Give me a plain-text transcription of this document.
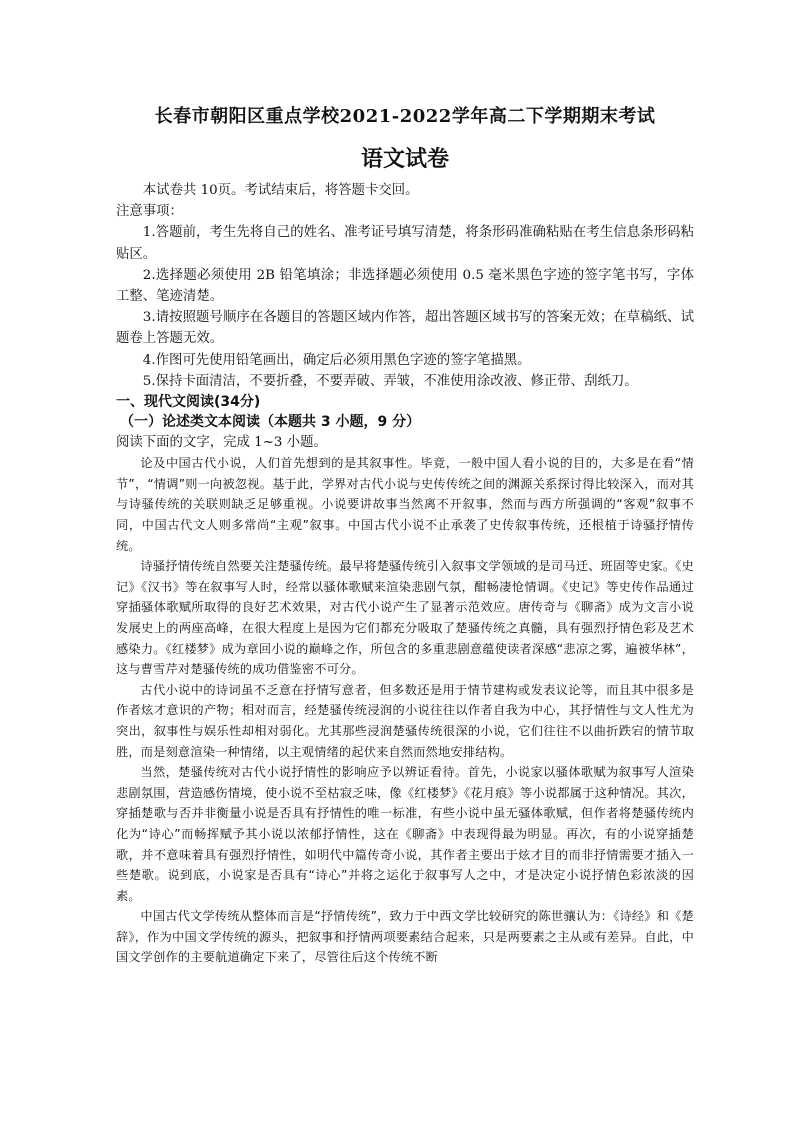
长春市朝阳区重点学校2021-2022学年高二下学期期末考试
语文试卷

本试卷共 10页。考试结束后，将答题卡交回。

注意事项：

1.答题前，考生先将自己的姓名、准考证号填写清楚，将条形码准确粘贴在考生信息条形码粘贴区。

2.选择题必须使用 2B 铅笔填涂；非选择题必须使用 0.5 毫米黑色字迹的签字笔书写，字体工整、笔迹清楚。

3.请按照题号顺序在各题目的答题区域内作答，超出答题区域书写的答案无效；在草稿纸、试题卷上答题无效。

4.作图可先使用铅笔画出，确定后必须用黑色字迹的签字笔描黑。

5.保持卡面清洁，不要折叠，不要弄破、弄皱，不准使用涂改液、修正带、刮纸刀。

一、现代文阅读(34分)

（一）论述类文本阅读（本题共 3 小题，9 分）

阅读下面的文字，完成 1~3 小题。

论及中国古代小说，人们首先想到的是其叙事性。毕竟，一般中国人看小说的目的，大多是在看“情节”，“情调”则一向被忽视。基于此，学界对古代小说与史传传统之间的渊源关系探讨得比较深入，而对其与诗骚传统的关联则缺乏足够重视。小说要讲故事当然离不开叙事，然而与西方所强调的“客观”叙事不同，中国古代文人则多常尚“主观”叙事。中国古代小说不止承袭了史传叙事传统，还根植于诗骚抒情传统。

诗骚抒情传统自然要关注楚骚传统。最早将楚骚传统引入叙事文学领域的是司马迁、班固等史家。《史记》《汉书》等在叙事写人时，经常以骚体歌赋来渲染悲剧气氛，酣畅凄怆情调。《史记》等史传作品通过穿插骚体歌赋所取得的良好艺术效果，对古代小说产生了显著示范效应。唐传奇与《聊斋》成为文言小说发展史上的两座高峰，在很大程度上是因为它们都充分吸取了楚骚传统之真髓，具有强烈抒情色彩及艺术感染力。《红楼梦》成为章回小说的巅峰之作，所包含的多重悲剧意蕴使读者深感“悲凉之雾，遍被华林”，这与曹雪芹对楚骚传统的成功借鉴密不可分。

古代小说中的诗词虽不乏意在抒情写意者，但多数还是用于情节建构或发表议论等，而且其中很多是作者炫才意识的产物；相对而言，经楚骚传统浸润的小说往往以作者自我为中心，其抒情性与文人性尤为突出，叙事性与娱乐性却相对弱化。尤其那些浸润楚骚传统很深的小说，它们往往不以曲折跌宕的情节取胜，而是刻意渲染一种情绪，以主观情绪的起伏来自然而然地安排结构。

当然，楚骚传统对古代小说抒情性的影响应予以辨证看待。首先，小说家以骚体歌赋为叙事写人渲染悲剧氛围，营造感伤情境，使小说不至枯寂乏味，像《红楼梦》《花月痕》等小说都属于这种情况。其次，穿插楚歌与否并非衡量小说是否具有抒情性的唯一标准，有些小说中虽无骚体歌赋，但作者将楚骚传统内化为“诗心”而畅挥赋予其小说以浓郁抒情性，这在《聊斋》中表现得最为明显。再次，有的小说穿插楚歌，并不意味着具有强烈抒情性，如明代中篇传奇小说，其作者主要出于炫才目的而非抒情需要才插入一些楚歌。说到底，小说家是否具有“诗心”并将之运化于叙事写人之中，才是决定小说抒情色彩浓淡的因素。

中国古代文学传统从整体而言是“抒情传统”，致力于中西文学比较研究的陈世骧认为：《诗经》和《楚辞》，作为中国文学传统的源头，把叙事和抒情两项要素结合起来，只是两要素之主从或有差异。自此，中国文学创作的主要航道确定下来了，尽管往后这个传统不断
